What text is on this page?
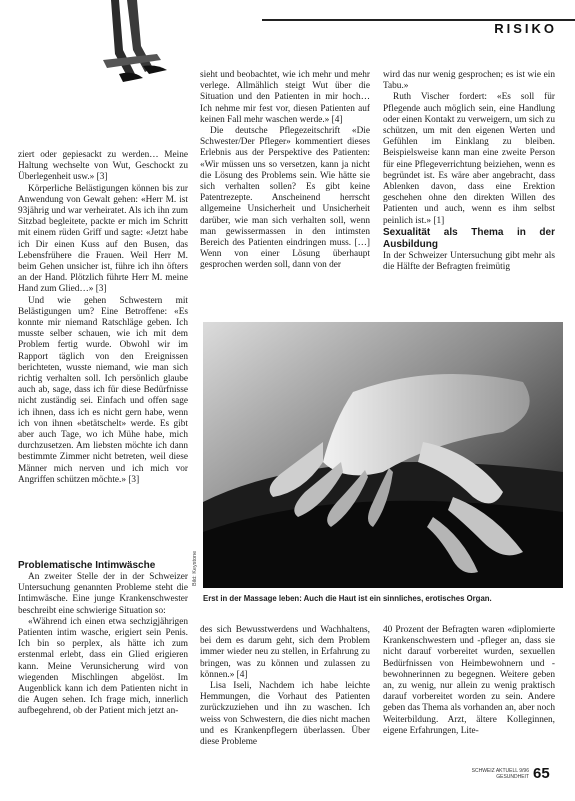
RISIKO

ziert oder gepiesackt zu werden… Meine Haltung wechselte von Wut, Geschockt zu Überlegenheit usw.» [3]

Körperliche Belästigungen können bis zur Anwendung von Gewalt gehen: «Herr M. ist 93jährig und war verheiratet. Als ich ihn zum Sitzbad begleitete, packte er mich im Schritt mit einem rüden Griff und sagte: «Jetzt habe ich Dir einen Kuss auf den Busen, das Lebensfrühere die Frauen. Weil Herr M. beim Gehen unsicher ist, führe ich ihn öfters an der Hand. Plötzlich führte Herr M. meine Hand zum Glied…» [3]

Und wie gehen Schwestern mit Belästigungen um? Eine Betroffene: «Es konnte mir niemand Ratschläge geben. Ich musste selber schauen, wie ich mit dem Problem fertig wurde. Obwohl wir im Rapport täglich von den Ereignissen berichteten, wusste niemand, wie man sich richtig verhalten soll. Ich persönlich glaube auch ab, sage, dass ich für diese Bedürfnisse nicht zuständig sei. Einfach und offen sage ich ihnen, dass ich es nicht gern habe, wenn ich von ihnen «betätschelt» werde. Es gibt aber auch Tage, wo ich Mühe habe, mich durchzusetzen. Am liebsten möchte ich dann bestimmte Zimmer nicht betreten, weil diese Männer mich nerven und ich mich vor Angriffen schützen möchte.» [3]

Problematische Intimwäsche

An zweiter Stelle der in der Schweizer Untersuchung genannten Probleme steht die Intimwäsche. Eine junge Krankenschwester beschreibt eine schwierige Situation so:

«Während ich einen etwa sechzigjährigen Patienten intim wasche, erigiert sein Penis. Ich bin so perplex, als hätte ich zum erstenmal erlebt, dass ein Glied erigieren kann. Meine Verunsicherung wird von wiegenden Mischlingen abgelöst. Im Augenblick kann ich dem Patienten nicht in die Augen sehen. Ich frage mich, innerlich aufbegehrend, ob der Patient mich jetzt an-

sieht und beobachtet, wie ich mehr und mehr verlege. Allmählich steigt Wut über die Situation und den Patienten in mir hoch… Ich nehme mir fest vor, diesen Patienten auf keinen Fall mehr waschen werde.» [4]

Die deutsche Pflegezeitschrift «Die Schwester/Der Pfleger» kommentiert dieses Erlebnis aus der Perspektive des Patienten: «Wir müssen uns so versetzen, kann ja nicht die Lösung des Problems sein. Wie hätte sie sich verhalten sollen? Es gibt keine Patentrezepte. Anscheinend herrscht allgemeine Unsicherheit und Unsicherheit darüber, wie man sich verhalten soll, wenn man gewissermassen in den intimsten Bereich des Patienten eindringen muss. […] Wenn von einer Lösung überhaupt gesprochen werden soll, dann von der

wird das nur wenig gesprochen; es ist wie ein Tabu.»

Ruth Vischer fordert: «Es soll für Pflegende auch möglich sein, eine Handlung oder einen Kontakt zu verweigern, um sich zu schützen, um mit den eigenen Werten und Gefühlen im Einklang zu bleiben. Beispielsweise kann man eine zweite Person für eine Pflegeverrichtung beiziehen, wenn es begründet ist. Es wäre aber angebracht, dass Ablenken davon, dass eine Erektion geschehen ohne den direkten Willen des Patienten und auch, wenn es ihm selbst peinlich ist.» [1]

Sexualität als Thema in der Ausbildung

In der Schweizer Untersuchung gibt mehr als die Hälfte der Befragten freimütig

Bild: Keystone
Erst in der Massage leben: Auch die Haut ist ein sinnliches, erotisches Organ.

des sich Bewusstwerdens und Wachhaltens, bei dem es darum geht, sich dem Problem immer wieder neu zu stellen, in Erfahrung zu bringen, was zu können und zulassen zu können.» [4]

Lisa Iseli, Nachdem ich habe leichte Hemmungen, die Vorhaut des Patienten zurückzuziehen und ihn zu waschen. Ich weiss von Schwestern, die dies nicht machen und es Krankenpflegern überlassen. Über diese Probleme

40 Prozent der Befragten waren «diplomierte Krankenschwestern und -pfleger an, dass sie nicht darauf vorbereitet wurden, sexuellen Bedürfnissen von Heimbewohnern und -bewohnerinnen zu begegnen. Weitere geben an, zu wenig, nur allein zu wenig praktisch darauf vorbereitet worden zu sein. Andere geben das Thema als vorhanden an, aber noch Weiterbildung. Arzt, ältere Kolleginnen, eigene Erfahrungen, Lite-

SCHWEIZ AKTUELL 9/96 GESUNDHEIT 65
